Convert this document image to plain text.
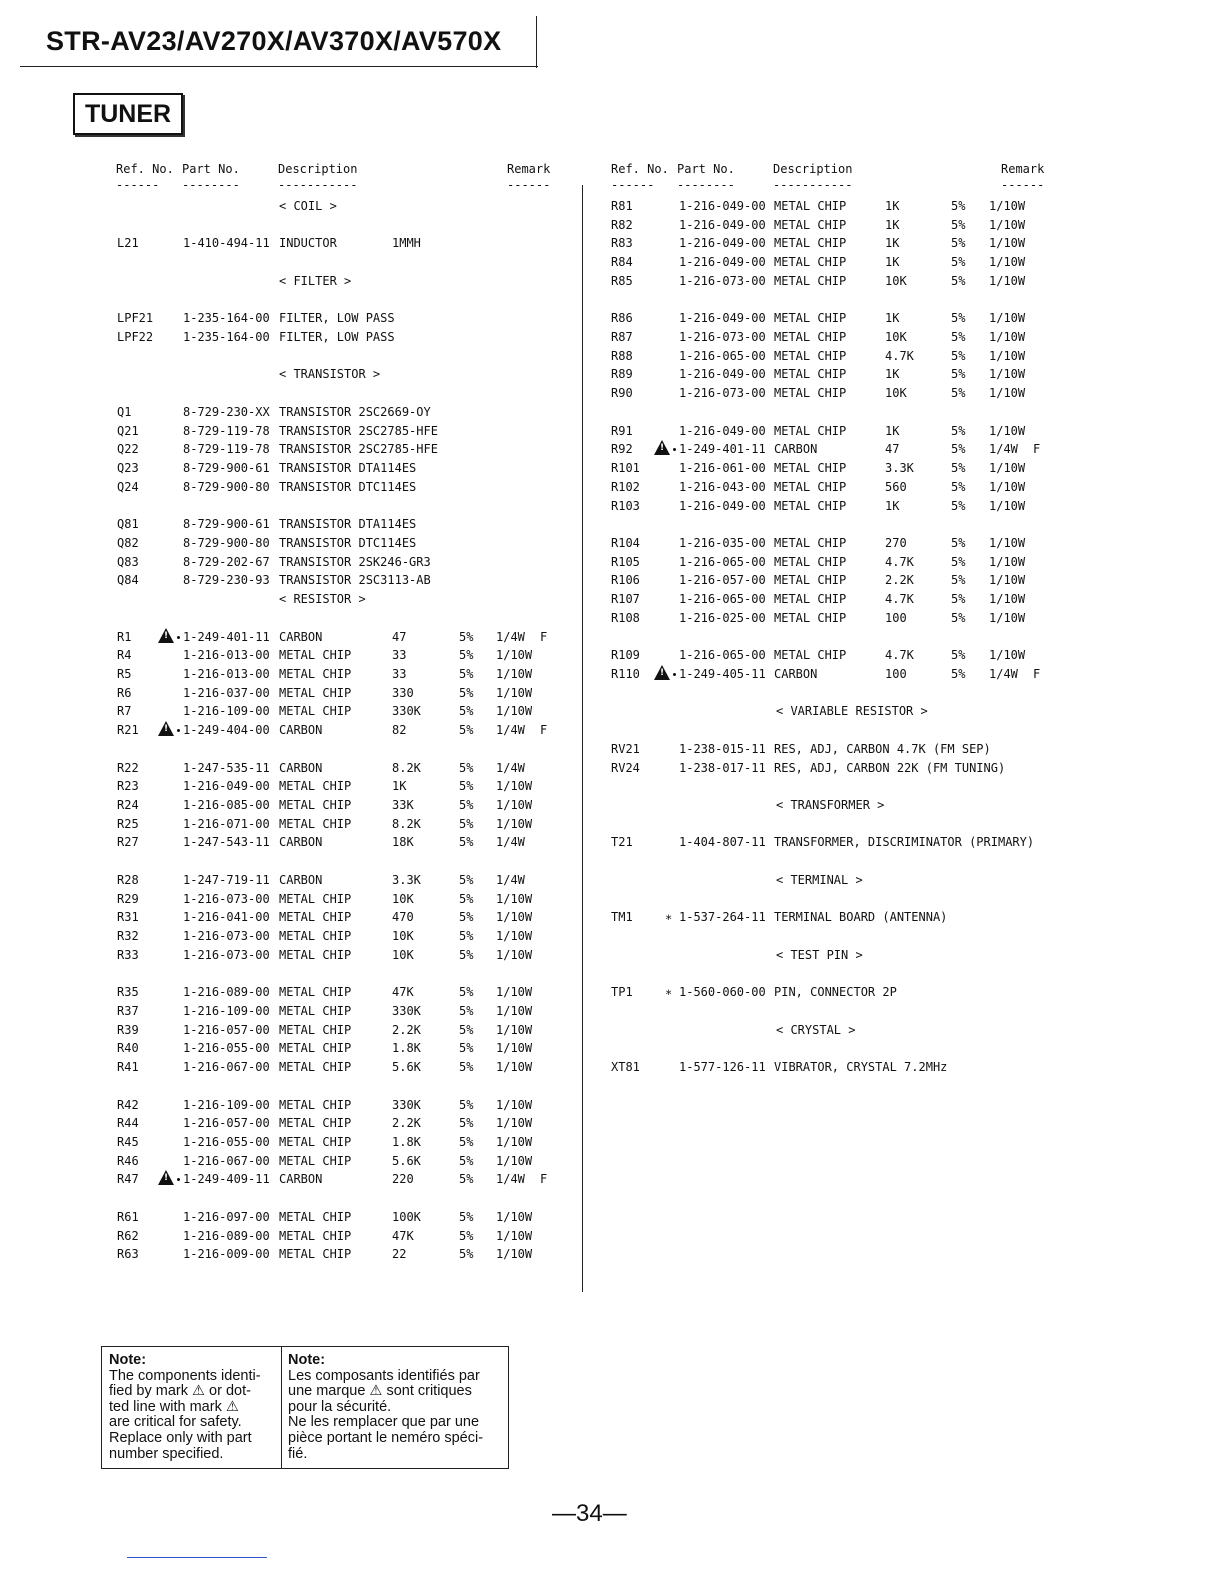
STR-AV23/AV270X/AV370X/AV570X
TUNER
Ref. No. Part No.	Description	Remark
------ --------	-----------	------
Ref. No. Part No.	Description	Remark
------ --------	-----------	------
< COIL >
L21	1-410-494-11 INDUCTOR	1MMH
< FILTER >
LPF21 1-235-164-00 FILTER, LOW PASS
LPF22 1-235-164-00 FILTER, LOW PASS
< TRANSISTOR >
Q1	8-729-230-XX TRANSISTOR 2SC2669-OY
Q21	8-729-119-78 TRANSISTOR 2SC2785-HFE
Q22	8-729-119-78 TRANSISTOR 2SC2785-HFE
Q23	8-729-900-61 TRANSISTOR DTA114ES
Q24	8-729-900-80 TRANSISTOR DTC114ES
Q81	8-729-900-61 TRANSISTOR DTA114ES
Q82	8-729-900-80 TRANSISTOR DTC114ES
Q83	8-729-202-67 TRANSISTOR 2SK246-GR3
Q84	8-729-230-93 TRANSISTOR 2SC3113-AB
< RESISTOR >
R1 !	1-249-401-11 CARBON	47	5% 1/4W F
R4	1-216-013-00 METAL CHIP	33	5% 1/10W
R5	1-216-013-00 METAL CHIP	33	5% 1/10W
R6	1-216-037-00 METAL CHIP	330	5% 1/10W
R7	1-216-109-00 METAL CHIP	330K	5% 1/10W
R21 !	1-249-404-00 CARBON	82	5% 1/4W F
R22	1-247-535-11 CARBON	8.2K	5% 1/4W
R23	1-216-049-00 METAL CHIP	1K	5% 1/10W
R24	1-216-085-00 METAL CHIP	33K	5% 1/10W
R25	1-216-071-00 METAL CHIP	8.2K	5% 1/10W
R27	1-247-543-11 CARBON	18K	5% 1/4W
R28	1-247-719-11 CARBON	3.3K	5% 1/4W
R29	1-216-073-00 METAL CHIP	10K	5% 1/10W
R31	1-216-041-00 METAL CHIP	470	5% 1/10W
R32	1-216-073-00 METAL CHIP	10K	5% 1/10W
R33	1-216-073-00 METAL CHIP	10K	5% 1/10W
R35	1-216-089-00 METAL CHIP	47K	5% 1/10W
R37	1-216-109-00 METAL CHIP	330K	5% 1/10W
R39	1-216-057-00 METAL CHIP	2.2K	5% 1/10W
R40	1-216-055-00 METAL CHIP	1.8K	5% 1/10W
R41	1-216-067-00 METAL CHIP	5.6K	5% 1/10W
R42	1-216-109-00 METAL CHIP	330K	5% 1/10W
R44	1-216-057-00 METAL CHIP	2.2K	5% 1/10W
R45	1-216-055-00 METAL CHIP	1.8K	5% 1/10W
R46	1-216-067-00 METAL CHIP	5.6K	5% 1/10W
R47 !	1-249-409-11 CARBON	220	5% 1/4W F
R61	1-216-097-00 METAL CHIP	100K	5% 1/10W
R62	1-216-089-00 METAL CHIP	47K	5% 1/10W
R63	1-216-009-00 METAL CHIP	22	5% 1/10W
R81	1-216-049-00 METAL CHIP	1K	5% 1/10W
R82	1-216-049-00 METAL CHIP	1K	5% 1/10W
R83	1-216-049-00 METAL CHIP	1K	5% 1/10W
R84	1-216-049-00 METAL CHIP	1K	5% 1/10W
R85	1-216-073-00 METAL CHIP	10K	5% 1/10W
R86	1-216-049-00 METAL CHIP	1K	5% 1/10W
R87	1-216-073-00 METAL CHIP	10K	5% 1/10W
R88	1-216-065-00 METAL CHIP	4.7K	5% 1/10W
R89	1-216-049-00 METAL CHIP	1K	5% 1/10W
R90	1-216-073-00 METAL CHIP	10K	5% 1/10W
R91	1-216-049-00 METAL CHIP	1K	5% 1/10W
R92 !	1-249-401-11 CARBON	47	5% 1/4W F
R101	1-216-061-00 METAL CHIP	3.3K	5% 1/10W
R102	1-216-043-00 METAL CHIP	560	5% 1/10W
R103	1-216-049-00 METAL CHIP	1K	5% 1/10W
R104	1-216-035-00 METAL CHIP	270	5% 1/10W
R105	1-216-065-00 METAL CHIP	4.7K	5% 1/10W
R106	1-216-057-00 METAL CHIP	2.2K	5% 1/10W
R107	1-216-065-00 METAL CHIP	4.7K	5% 1/10W
R108	1-216-025-00 METAL CHIP	100	5% 1/10W
R109	1-216-065-00 METAL CHIP	4.7K	5% 1/10W
R110 !	1-249-405-11 CARBON	100	5% 1/4W F
< VARIABLE RESISTOR >
RV21	1-238-015-11 RES, ADJ, CARBON 4.7K (FM SEP)
RV24	1-238-017-11 RES, ADJ, CARBON 22K (FM TUNING)
< TRANSFORMER >
T21	1-404-807-11 TRANSFORMER, DISCRIMINATOR (PRIMARY)
< TERMINAL >
TM1	∗ 1-537-264-11 TERMINAL BOARD (ANTENNA)
< TEST PIN >
TP1	∗ 1-560-060-00 PIN, CONNECTOR 2P
< CRYSTAL >
XT81	1-577-126-11 VIBRATOR, CRYSTAL 7.2MHz
Note:
The components identi-
fied by mark ⚠ or dot-
ted line with mark ⚠
are critical for safety.
Replace only with part
number specified.
Note:
Les composants identifiés par
une marque ⚠ sont critiques
pour la sécurité.
Ne les remplacer que par une
pièce portant le neméro spéci-
fié.
—34—
